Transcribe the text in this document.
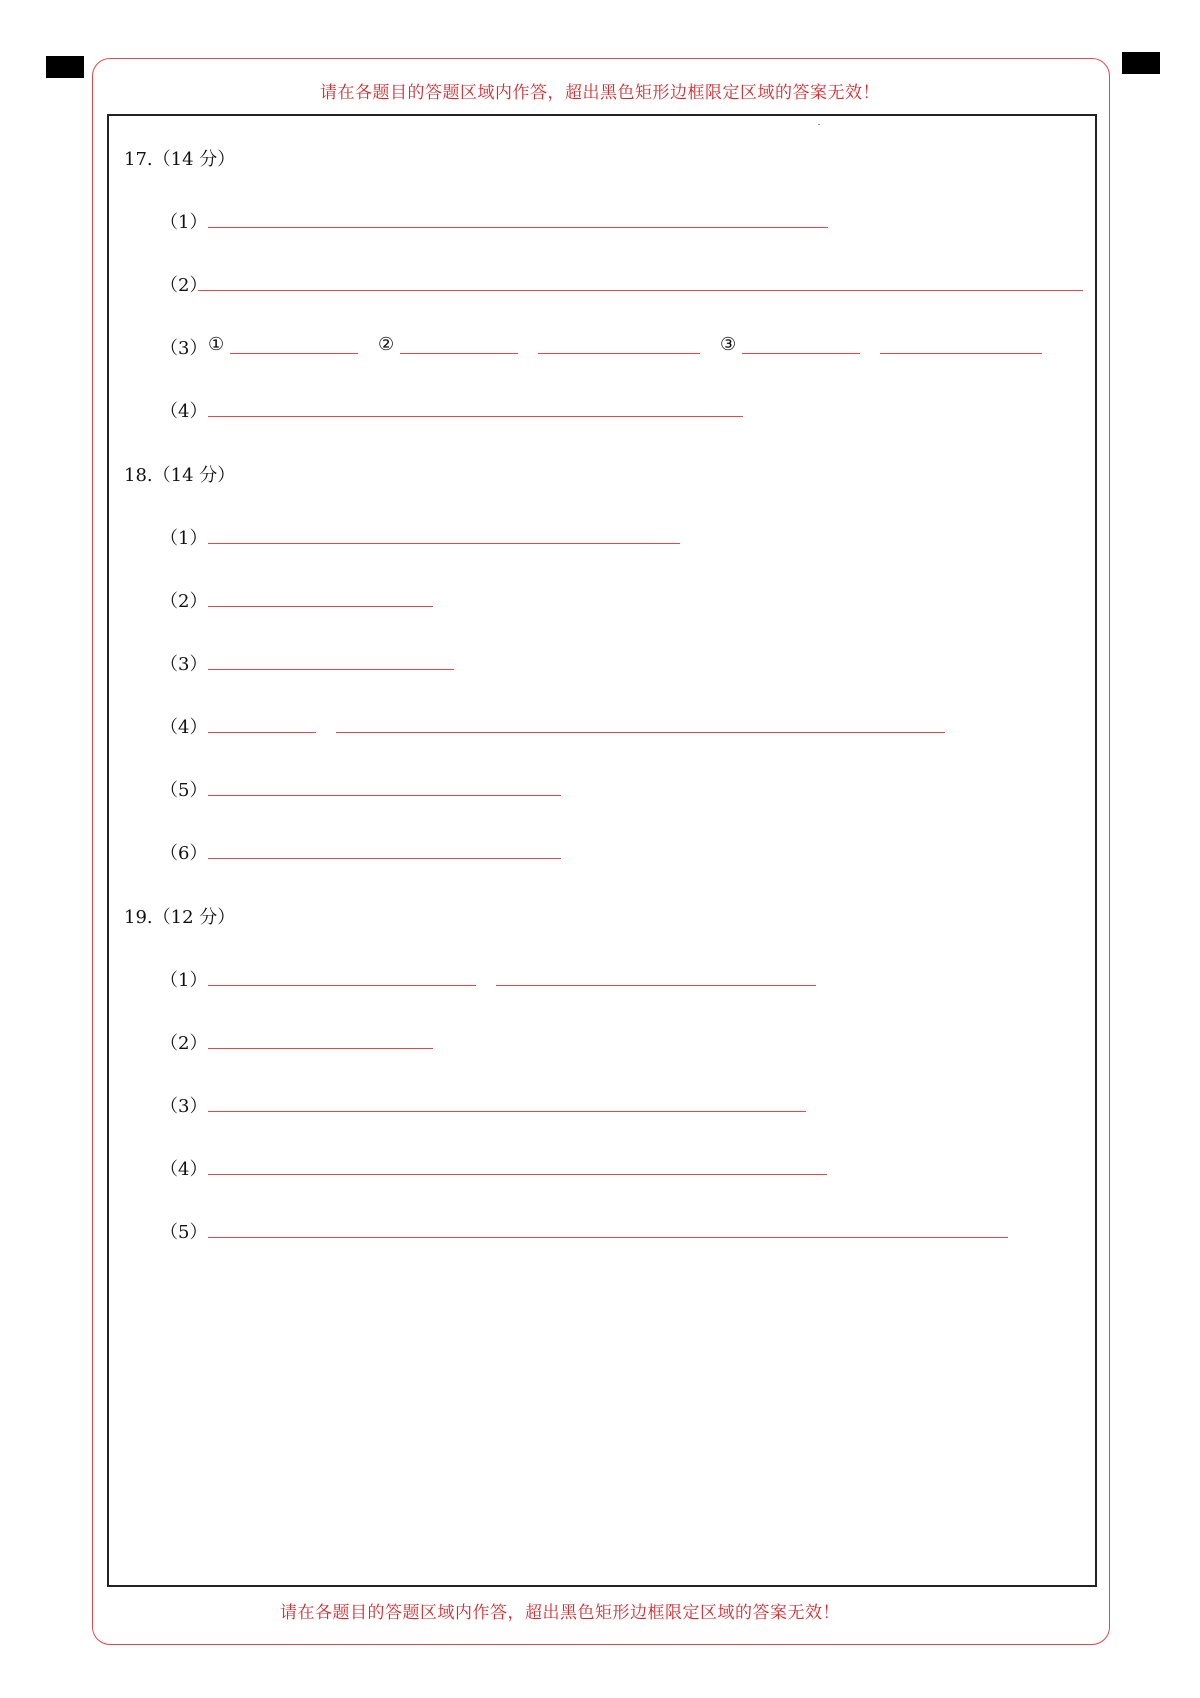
请在各题目的答题区域内作答，超出黑色矩形边框限定区域的答案无效！
17.（14 分）
（1）
（2）
（3） ①	②	③
（4）
18.（14 分）
（1）
（2）
（3）
（4）
（5）
（6）
19.（12 分）
（1）
（2）
（3）
（4）
（5）
请在各题目的答题区域内作答，超出黑色矩形边框限定区域的答案无效！
